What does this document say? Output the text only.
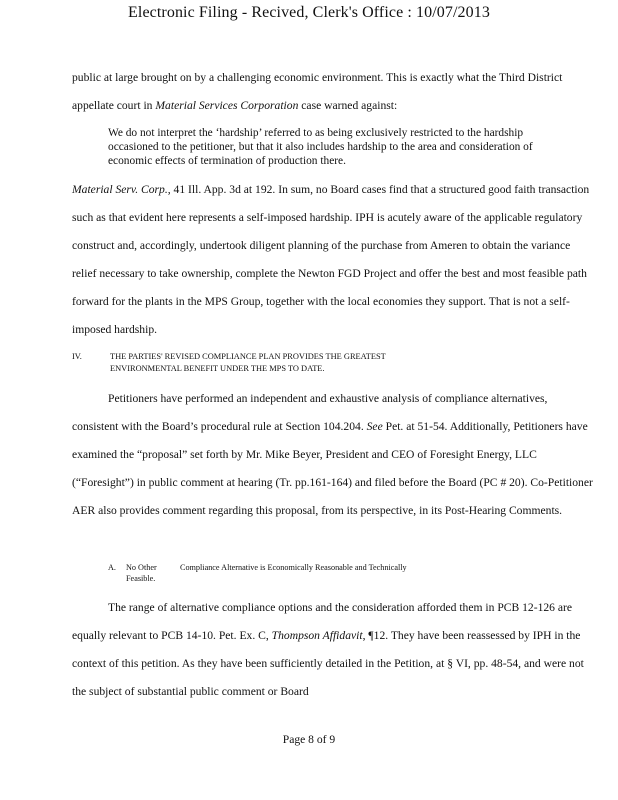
Electronic Filing - Recived, Clerk's Office : 10/07/2013
public at large brought on by a challenging economic environment. This is exactly what the Third District appellate court in Material Services Corporation case warned against:
We do not interpret the ‘hardship’ referred to as being exclusively restricted to the hardship occasioned to the petitioner, but that it also includes hardship to the area and consideration of economic effects of termination of production there.
Material Serv. Corp., 41 Ill. App. 3d at 192. In sum, no Board cases find that a structured good faith transaction such as that evident here represents a self-imposed hardship. IPH is acutely aware of the applicable regulatory construct and, accordingly, undertook diligent planning of the purchase from Ameren to obtain the variance relief necessary to take ownership, complete the Newton FGD Project and offer the best and most feasible path forward for the plants in the MPS Group, together with the local economies they support. That is not a self- imposed hardship.
IV.	THE PARTIES' REVISED COMPLIANCE PLAN PROVIDES THE GREATEST
ENVIRONMENTAL BENEFIT UNDER THE MPS TO DATE.
Petitioners have performed an independent and exhaustive analysis of compliance alternatives, consistent with the Board’s procedural rule at Section 104.204. See Pet. at 51-54. Additionally, Petitioners have examined the “proposal” set forth by Mr. Mike Beyer, President and CEO of Foresight Energy, LLC (“Foresight”) in public comment at hearing (Tr. pp.161-164) and filed before the Board (PC # 20). Co-Petitioner AER also provides comment regarding this proposal, from its perspective, in its Post-Hearing Comments.
A. No Other Feasible.
Compliance Alternative is Economically Reasonable and Technically
The range of alternative compliance options and the consideration afforded them in PCB 12-126 are equally relevant to PCB 14-10. Pet. Ex. C, Thompson Affidavit, ¶12. They have been reassessed by IPH in the context of this petition. As they have been sufficiently detailed in the Petition, at § VI, pp. 48-54, and were not the subject of substantial public comment or Board
Page 8 of 9
